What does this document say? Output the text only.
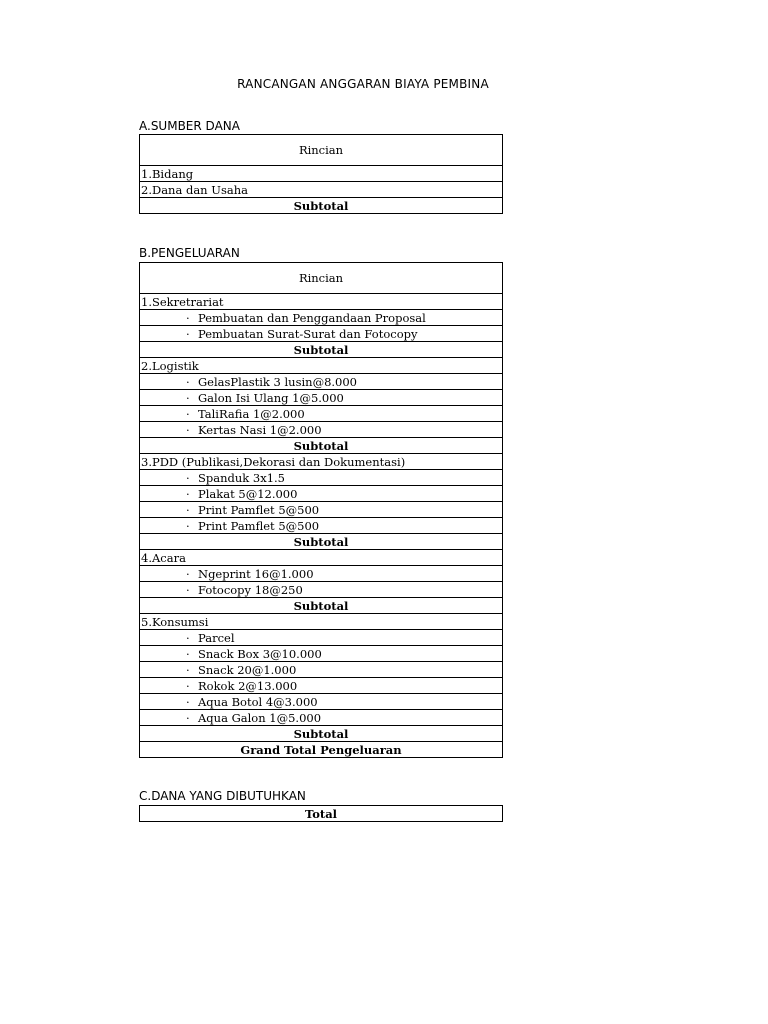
RANCANGAN ANGGARAN BIAYA PEMBINA
A.SUMBER DANA
Rincian
1.Bidang
2.Dana dan Usaha
Subtotal
B.PENGELUARAN
Rincian
1.Sekretrariat
· Pembuatan dan Penggandaan Proposal
· Pembuatan Surat-Surat dan Fotocopy
Subtotal
2.Logistik
· GelasPlastik 3 lusin@8.000
· Galon Isi Ulang 1@5.000
· TaliRafia 1@2.000
· Kertas Nasi 1@2.000
Subtotal
3.PDD (Publikasi,Dekorasi dan Dokumentasi)
· Spanduk 3x1.5
· Plakat 5@12.000
· Print Pamflet 5@500
· Print Pamflet 5@500
Subtotal
4.Acara
· Ngeprint 16@1.000
· Fotocopy 18@250
Subtotal
5.Konsumsi
· Parcel
· Snack Box 3@10.000
· Snack 20@1.000
· Rokok 2@13.000
· Aqua Botol 4@3.000
· Aqua Galon 1@5.000
Subtotal
Grand Total Pengeluaran
C.DANA YANG DIBUTUHKAN
Total
